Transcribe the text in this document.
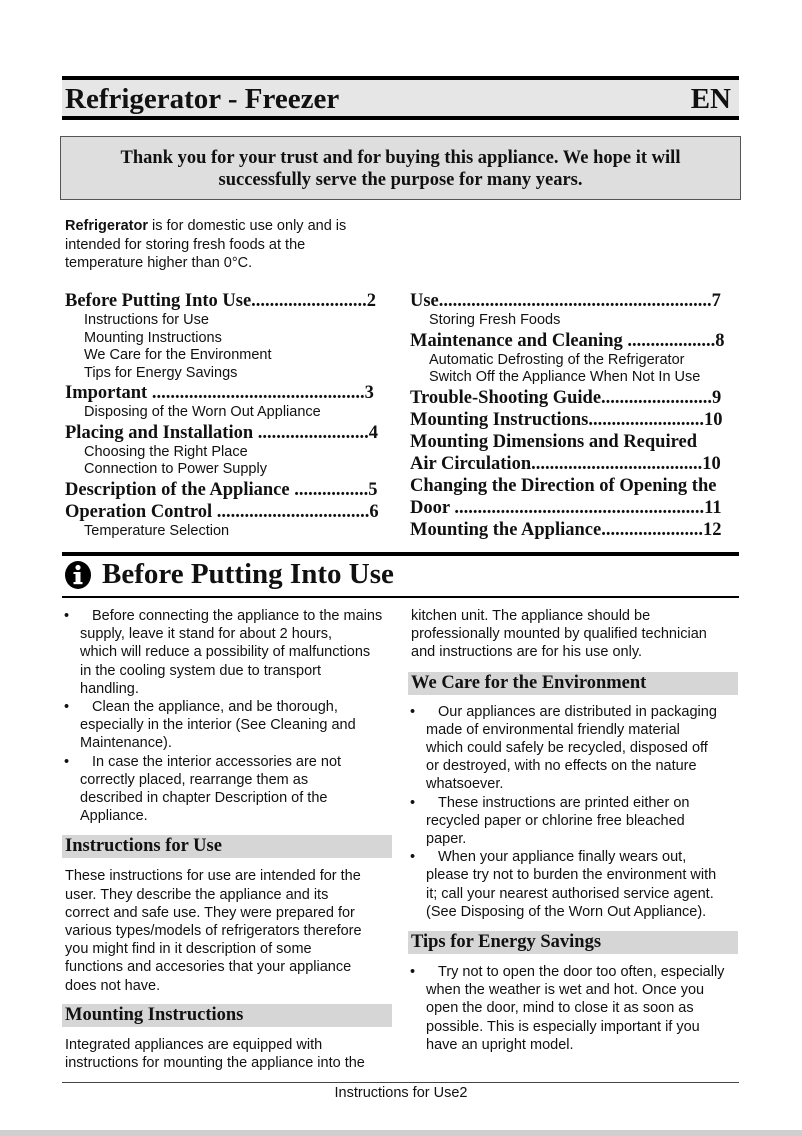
Refrigerator - Freezer	EN
Thank you for your trust and for buying this appliance. We hope it will
successfully serve the purpose for many years.
Refrigerator is for domestic use only and is intended for storing fresh foods at the temperature higher than 0°C.
Before Putting Into Use.........................2
Instructions for Use
Mounting Instructions
We Care for the Environment
Tips for Energy Savings
Important ..............................................3
Disposing of the Worn Out Appliance
Placing and Installation ........................4
Choosing the Right Place
Connection to Power Supply
Description of the Appliance ................5
Operation Control .................................6
Temperature Selection
Use...........................................................7
Storing Fresh Foods
Maintenance and Cleaning ...................8
Automatic Defrosting of the Refrigerator
Switch Off the Appliance When Not In Use
Trouble-Shooting Guide........................9
Mounting Instructions.........................10
Mounting Dimensions and Required
Air Circulation.....................................10
Changing the Direction of Opening the
Door ......................................................11
Mounting the Appliance......................12
Before Putting Into Use
• Before connecting the appliance to the mains
supply, leave it stand for about 2 hours,
which will reduce a possibility of malfunctions
in the cooling system due to transport
handling.
• Clean the appliance, and be thorough,
especially in the interior (See Cleaning and
Maintenance).
• In case the interior accessories are not
correctly placed, rearrange them as
described in chapter Description of the
Appliance.
Instructions for Use
These instructions for use are intended for the
user. They describe the appliance and its
correct and safe use. They were prepared for
various types/models of refrigerators therefore
you might find in it description of some
functions and accesories that your appliance
does not have.
Mounting Instructions
Integrated appliances are equipped with
instructions for mounting the appliance into the
kitchen unit. The appliance should be
professionally mounted by qualified technician
and instructions are for his use only.
We Care for the Environment
• Our appliances are distributed in packaging
made of environmental friendly material
which could safely be recycled, disposed off
or destroyed, with no effects on the nature
whatsoever.
• These instructions are printed either on
recycled paper or chlorine free bleached
paper.
• When your appliance finally wears out,
please try not to burden the environment with
it; call your nearest authorised service agent.
(See Disposing of the Worn Out Appliance).
Tips for Energy Savings
• Try not to open the door too often, especially
when the weather is wet and hot. Once you
open the door, mind to close it as soon as
possible. This is especially important if you
have an upright model.
Instructions for Use2
